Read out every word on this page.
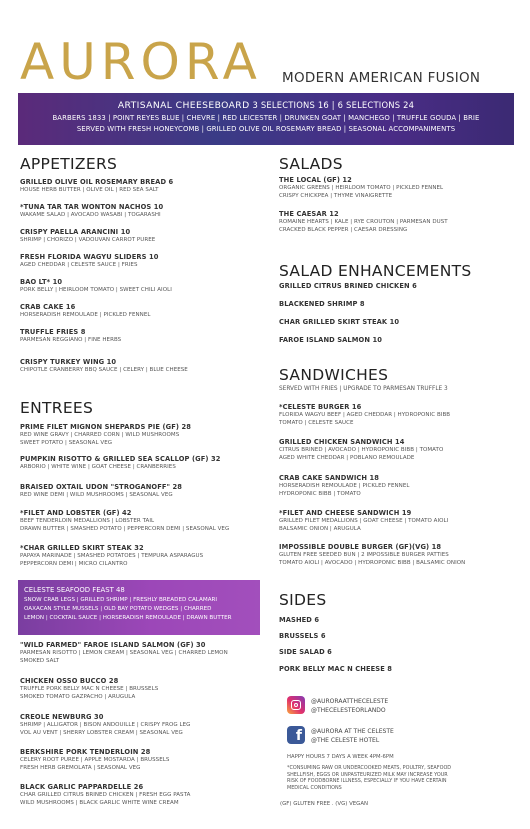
AURORA MODERN AMERICAN FUSION
ARTISANAL CHEESEBOARD 3 SELECTIONS 16 | 6 SELECTIONS 24
BARBERS 1833 | POINT REYES BLUE | CHEVRE | RED LEICESTER | DRUNKEN GOAT | MANCHEGO | TRUFFLE GOUDA | BRIE
SERVED WITH FRESH HONEYCOMB | GRILLED OLIVE OIL ROSEMARY BREAD | SEASONAL ACCOMPANIMENTS
APPETIZERS
GRILLED OLIVE OIL ROSEMARY BREAD 6
HOUSE HERB BUTTER | OLIVE OIL | RED SEA SALT
*TUNA TAR TAR WONTON NACHOS 10
WAKAME SALAD | AVOCADO WASABI | TOGARASHI
CRISPY PAELLA ARANCINI 10
SHRIMP | CHORIZO | VADOUVAN CARROT PUREE
FRESH FLORIDA WAGYU SLIDERS 10
AGED CHEDDAR | CELESTE SAUCE | FRIES
BAO LT* 10
PORK BELLY | HEIRLOOM TOMATO | SWEET CHILI AIOLI
CRAB CAKE 16
HORSERADISH REMOULADE | PICKLED FENNEL
TRUFFLE FRIES 8
PARMESAN REGGIANO | FINE HERBS
CRISPY TURKEY WING 10
CHIPOTLE CRANBERRY BBQ SAUCE | CELERY | BLUE CHEESE
ENTREES
PRIME FILET MIGNON SHEPARDS PIE (GF) 28
RED WINE GRAVY | CHARRED CORN | WILD MUSHROOMS
SWEET POTATO | SEASONAL VEG
PUMPKIN RISOTTO & GRILLED SEA SCALLOP (GF) 32
ARBORIO | WHITE WINE | GOAT CHEESE | CRANBERRIES
BRAISED OXTAIL UDON "STROGANOFF" 28
RED WINE DEMI | WILD MUSHROOMS | SEASONAL VEG
*FILET AND LOBSTER (GF) 42
BEEF TENDERLOIN MEDALLIONS | LOBSTER TAIL
DRAWN BUTTER | SMASHED POTATO | PEPPERCORN DEMI | SEASONAL VEG
*CHAR GRILLED SKIRT STEAK 32
PAPAYA MARINADE | SMASHED POTATOES | TEMPURA ASPARAGUS
PEPPERCORN DEMI | MICRO CILANTRO
CELESTE SEAFOOD FEAST 48
SNOW CRAB LEGS | GRILLED SHRIMP | FRESHLY BREADED CALAMARI
OAXACAN STYLE MUSSELS | OLD BAY POTATO WEDGES | CHARRED
LEMON | COCKTAIL SAUCE | HORSERADISH REMOULADE | DRAWN BUTTER
"WILD FARMED" FAROE ISLAND SALMON (GF) 30
PARMESAN RISOTTO | LEMON CREAM | SEASONAL VEG | CHARRED LEMON
SMOKED SALT
CHICKEN OSSO BUCCO 28
TRUFFLE PORK BELLY MAC N CHEESE | BRUSSELS
SMOKED TOMATO GAZPACHO | ARUGULA
CREOLE NEWBURG 30
SHRIMP | ALLIGATOR | BISON ANDOUILLE | CRISPY FROG LEG
VOL AU VENT | SHERRY LOBSTER CREAM | SEASONAL VEG
BERKSHIRE PORK TENDERLOIN 28
CELERY ROOT PUREE | APPLE MOSTARDA | BRUSSELS
FRESH HERB GREMOLATA | SEASONAL VEG
BLACK GARLIC PAPPARDELLE 26
CHAR GRILLED CITRUS BRINED CHICKEN | FRESH EGG PASTA
WILD MUSHROOMS | BLACK GARLIC WHITE WINE CREAM
SALADS
THE LOCAL (GF) 12
ORGANIC GREENS | HEIRLOOM TOMATO | PICKLED FENNEL
CRISPY CHICKPEA | THYME VINAIGRETTE
THE CAESAR 12
ROMAINE HEARTS | KALE | RYE CROUTON | PARMESAN DUST
CRACKED BLACK PEPPER | CAESAR DRESSING
SALAD ENHANCEMENTS
GRILLED CITRUS BRINED CHICKEN 6
BLACKENED SHRIMP 8
CHAR GRILLED SKIRT STEAK 10
FAROE ISLAND SALMON 10
SANDWICHES
SERVED WITH FRIES | UPGRADE TO PARMESAN TRUFFLE 3
*CELESTE BURGER 16
FLORIDA WAGYU BEEF | AGED CHEDDAR | HYDROPONIC BIBB
TOMATO | CELESTE SAUCE
GRILLED CHICKEN SANDWICH 14
CITRUS BRINED | AVOCADO | HYDROPONIC BIBB | TOMATO
AGED WHITE CHEDDAR | POBLANO REMOULADE
CRAB CAKE SANDWICH 18
HORSERADISH REMOULADE | PICKLED FENNEL
HYDROPONIC BIBB | TOMATO
*FILET AND CHEESE SANDWICH 19
GRILLED FILET MEDALLIONS | GOAT CHEESE | TOMATO AIOLI
BALSAMIC ONION | ARUGULA
IMPOSSIBLE DOUBLE BURGER (GF)(VG) 18
GLUTEN FREE SEEDED BUN | 2 IMPOSSIBLE BURGER PATTIES
TOMATO AIOLI | AVOCADO | HYDROPONIC BIBB | BALSAMIC ONION
SIDES
MASHED 6
BRUSSELS 6
SIDE SALAD 6
PORK BELLY MAC N CHEESE 8
@AURORAATTHECELESTE
@THECELESTEORLANDO
f	@AURORA AT THE CELESTE
@THE CELESTE HOTEL
HAPPY HOURS 7 DAYS A WEEK 4PM-6PM
*CONSUMING RAW OR UNDERCOOKED MEATS, POULTRY, SEAFOOD
SHELLFISH, EGGS OR UNPASTEURIZED MILK MAY INCREASE YOUR
RISK OF FOODBORNE ILLNESS, ESPECIALLY IF YOU HAVE CERTAIN
MEDICAL CONDITIONS
(GF) GLUTEN FREE . (VG) VEGAN
